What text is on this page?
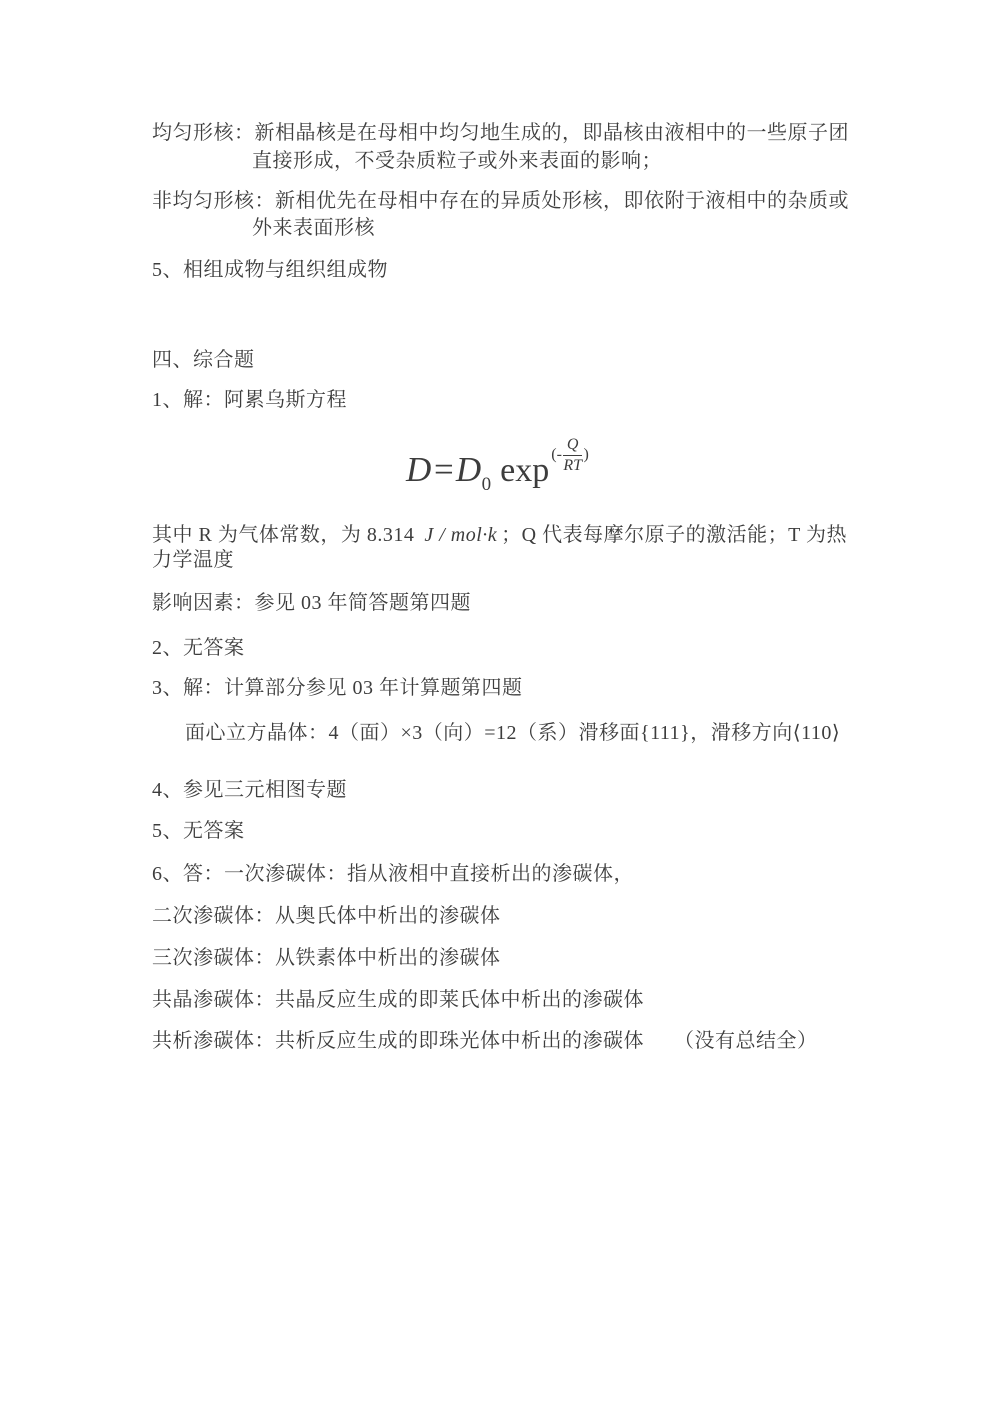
均匀形核：新相晶核是在母相中均匀地生成的，即晶核由液相中的一些原子团
直接形成，不受杂质粒子或外来表面的影响；
非均匀形核：新相优先在母相中存在的异质处形核，即依附于液相中的杂质或
外来表面形核
5、相组成物与组织组成物
四、综合题
1、解：阿累乌斯方程
D=D0 exp (- $\frac{Q}{RT}$ )
其中 R 为气体常数，为 8.314 J / mol·k ；Q 代表每摩尔原子的激活能；T 为热
力学温度
影响因素：参见 03 年简答题第四题
2、无答案
3、解：计算部分参见 03 年计算题第四题
面心立方晶体：4（面）×3（向）=12（系）滑移面{111}，滑移方向⟨110⟩
4、参见三元相图专题
5、无答案
6、答：一次渗碳体：指从液相中直接析出的渗碳体，
二次渗碳体：从奥氏体中析出的渗碳体
三次渗碳体：从铁素体中析出的渗碳体
共晶渗碳体：共晶反应生成的即莱氏体中析出的渗碳体
共析渗碳体：共析反应生成的即珠光体中析出的渗碳体 （没有总结全）
